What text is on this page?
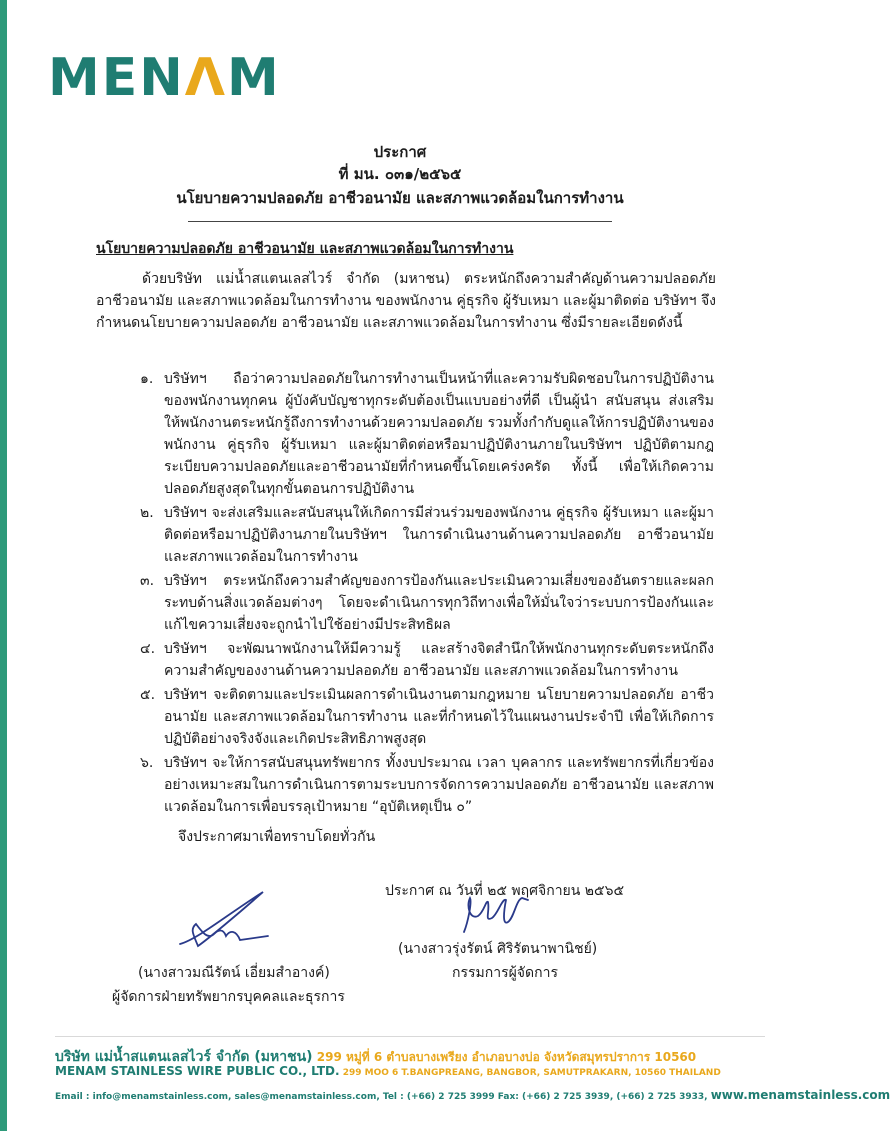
MENΛM
ประกาศ
ที่ มน. ๐๓๑/๒๕๖๕
นโยบายความปลอดภัย อาชีวอนามัย และสภาพแวดล้อมในการทำงาน
นโยบายความปลอดภัย อาชีวอนามัย และสภาพแวดล้อมในการทำงาน
ด้วยบริษัท แม่น้ำสแตนเลสไวร์ จำกัด (มหาชน) ตระหนักถึงความสำคัญด้านความปลอดภัย อาชีวอนามัย และสภาพแวดล้อมในการทำงาน ของพนักงาน คู่ธุรกิจ ผู้รับเหมา และผู้มาติดต่อ บริษัทฯ จึงกำหนดนโยบายความปลอดภัย อาชีวอนามัย และสภาพแวดล้อมในการทำงาน ซึ่งมีรายละเอียดดังนี้
๑. บริษัทฯ ถือว่าความปลอดภัยในการทำงานเป็นหน้าที่และความรับผิดชอบในการปฏิบัติงานของพนักงานทุกคน ผู้บังคับบัญชาทุกระดับต้องเป็นแบบอย่างที่ดี เป็นผู้นำ สนับสนุน ส่งเสริมให้พนักงานตระหนักรู้ถึงการทำงานด้วยความปลอดภัย รวมทั้งกำกับดูแลให้การปฏิบัติงานของพนักงาน คู่ธุรกิจ ผู้รับเหมา และผู้มาติดต่อหรือมาปฏิบัติงานภายในบริษัทฯ ปฏิบัติตามกฎระเบียบความปลอดภัยและอาชีวอนามัยที่กำหนดขึ้นโดยเคร่งครัด ทั้งนี้ เพื่อให้เกิดความปลอดภัยสูงสุดในทุกขั้นตอนการปฏิบัติงาน
๒. บริษัทฯ จะส่งเสริมและสนับสนุนให้เกิดการมีส่วนร่วมของพนักงาน คู่ธุรกิจ ผู้รับเหมา และผู้มาติดต่อหรือมาปฏิบัติงานภายในบริษัทฯ ในการดำเนินงานด้านความปลอดภัย อาชีวอนามัย และสภาพแวดล้อมในการทำงาน
๓. บริษัทฯ ตระหนักถึงความสำคัญของการป้องกันและประเมินความเสี่ยงของอันตรายและผลกระทบด้านสิ่งแวดล้อมต่างๆ โดยจะดำเนินการทุกวิถีทางเพื่อให้มั่นใจว่าระบบการป้องกันและแก้ไขความเสี่ยงจะถูกนำไปใช้อย่างมีประสิทธิผล
๔. บริษัทฯ จะพัฒนาพนักงานให้มีความรู้ และสร้างจิตสำนึกให้พนักงานทุกระดับตระหนักถึงความสำคัญของงานด้านความปลอดภัย อาชีวอนามัย และสภาพแวดล้อมในการทำงาน
๕. บริษัทฯ จะติดตามและประเมินผลการดำเนินงานตามกฎหมาย นโยบายความปลอดภัย อาชีวอนามัย และสภาพแวดล้อมในการทำงาน และที่กำหนดไว้ในแผนงานประจำปี เพื่อให้เกิดการปฏิบัติอย่างจริงจังและเกิดประสิทธิภาพสูงสุด
๖. บริษัทฯ จะให้การสนับสนุนทรัพยากร ทั้งงบประมาณ เวลา บุคลากร และทรัพยากรที่เกี่ยวข้องอย่างเหมาะสมในการดำเนินการตามระบบการจัดการความปลอดภัย อาชีวอนามัย และสภาพแวดล้อมในการเพื่อบรรลุเป้าหมาย “อุบัติเหตุเป็น ๐”
จึงประกาศมาเพื่อทราบโดยทั่วกัน
ประกาศ ณ วันที่ ๒๕ พฤศจิกายน ๒๕๖๕
(นางสาวมณีรัตน์ เอี่ยมสำอางค์)
ผู้จัดการฝ่ายทรัพยากรบุคคลและธุรการ
(นางสาวรุ่งรัตน์ ศิริรัตนาพานิชย์)
กรรมการผู้จัดการ
บริษัท แม่น้ำสแตนเลสไวร์ จำกัด (มหาชน) 299 หมู่ที่ 6 ตำบลบางเพรียง อำเภอบางบ่อ จังหวัดสมุทรปราการ 10560
MENAM STAINLESS WIRE PUBLIC CO., LTD. 299 MOO 6 T.BANGPREANG, BANGBOR, SAMUTPRAKARN, 10560 THAILAND
Email : info@menamstainless.com, sales@menamstainless.com, Tel : (+66) 2 725 3999 Fax: (+66) 2 725 3939, (+66) 2 725 3933, www.menamstainless.com
